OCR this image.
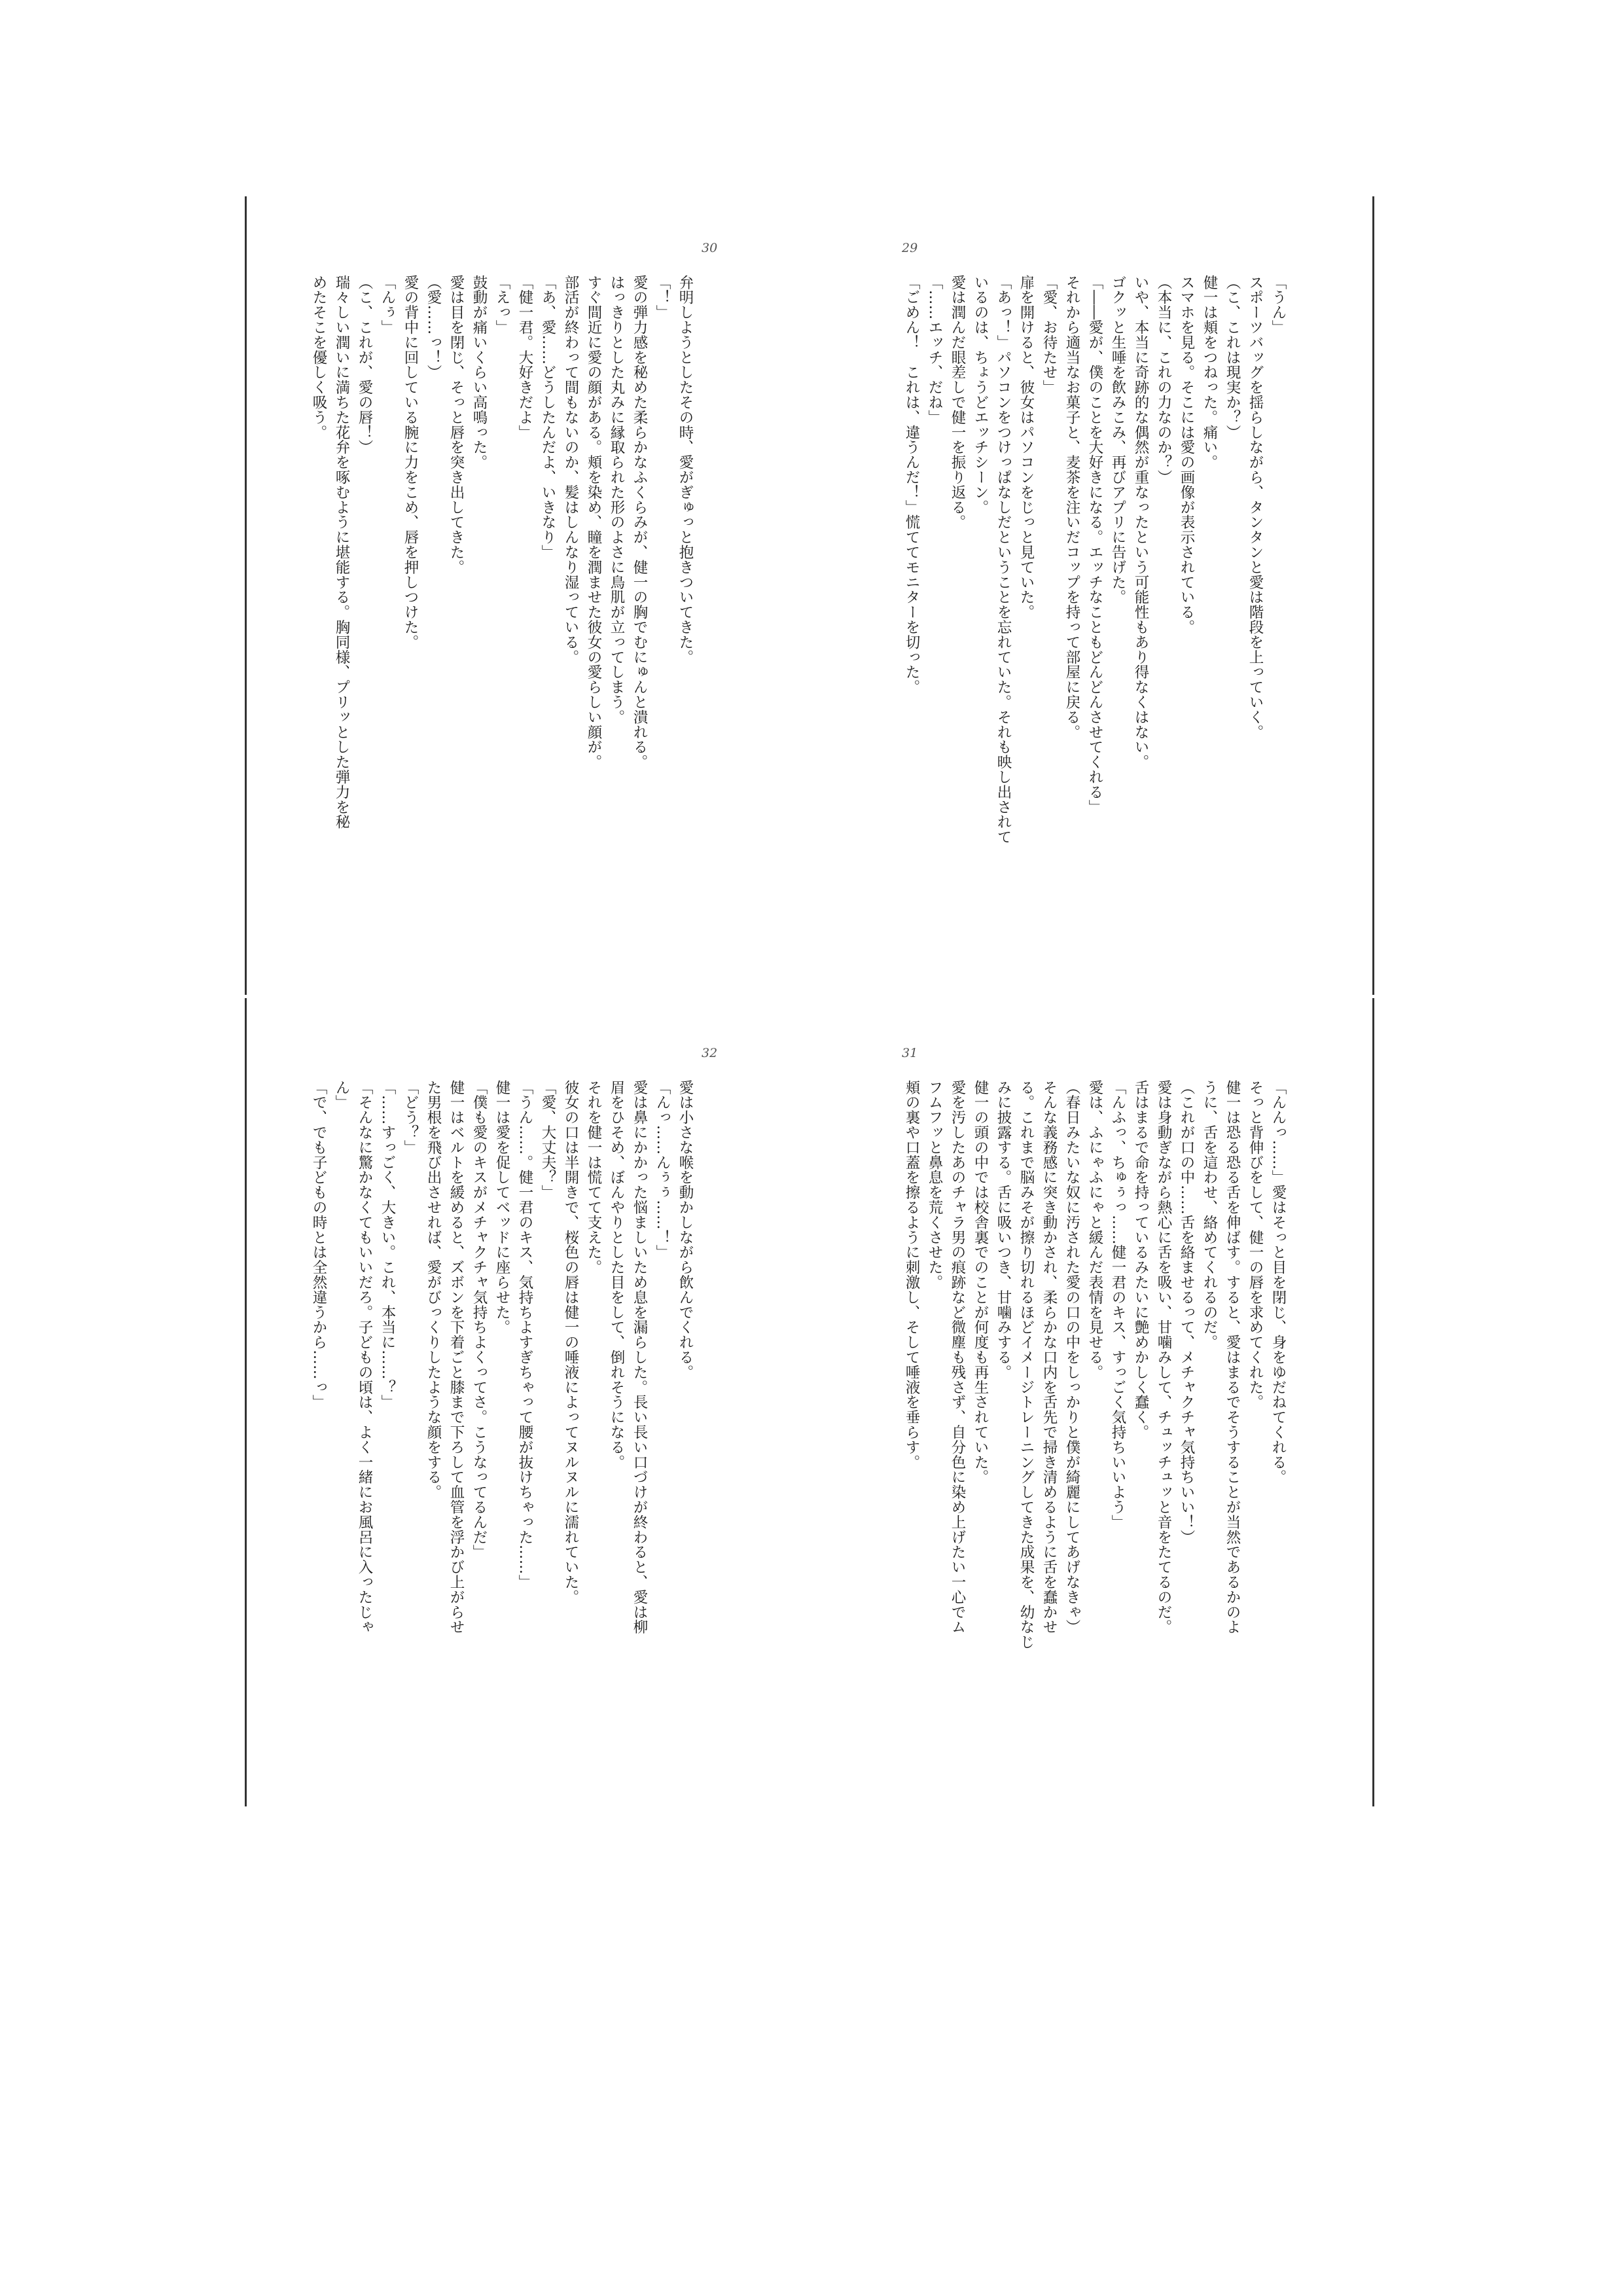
29
「うん」
スポーツバッグを揺らしながら、タンタンと愛は階段を上っていく。
（こ、これは現実か？）
健一は頬をつねった。痛い。
スマホを見る。そこには愛の画像が表示されている。
（本当に、これの力なのか？）
いや、本当に奇跡的な偶然が重なったという可能性もあり得なくはない。
ゴクッと生唾を飲みこみ、再びアプリに告げた。
「――愛が、僕のことを大好きになる。エッチなこともどんどんさせてくれる」
それから適当なお菓子と、麦茶を注いだコップを持って部屋に戻る。
「愛、お待たせ」
扉を開けると、彼女はパソコンをじっと見ていた。
「あっ！」パソコンをつけっぱなしだということを忘れていた。それも映し出されて
いるのは、ちょうどエッチシーン。
愛は潤んだ眼差しで健一を振り返る。
「……エッチ、だね」
「ごめん！　これは、違うんだ！」慌ててモニターを切った。
30
弁明しようとしたその時、愛がぎゅっと抱きついてきた。
「！」
愛の弾力感を秘めた柔らかなふくらみが、健一の胸でむにゅんと潰れる。
はっきりとした丸みに縁取られた形のよさに鳥肌が立ってしまう。
すぐ間近に愛の顔がある。頬を染め、瞳を潤ませた彼女の愛らしい顔が。
部活が終わって間もないのか、髪はしんなり湿っている。
「あ、愛……どうしたんだよ、いきなり」
「健一君。大好きだよ」
「えっ」
鼓動が痛いくらい高鳴った。
愛は目を閉じ、そっと唇を突き出してきた。
（愛……っ！）
愛の背中に回している腕に力をこめ、唇を押しつけた。
「んぅ」
（こ、これが、愛の唇！）
瑞々しい潤いに満ちた花弁を啄むように堪能する。胸同様、プリッとした弾力を秘
めたそこを優しく吸う。
31
「んんっ……」愛はそっと目を閉じ、身をゆだねてくれる。
そっと背伸びをして、健一の唇を求めてくれた。
健一は恐る恐る舌を伸ばす。すると、愛はまるでそうすることが当然であるかのよ
うに、舌を這わせ、絡めてくれるのだ。
（これが口の中……舌を絡ませるって、メチャクチャ気持ちいい！）
愛は身動ぎながら熱心に舌を吸い、甘噛みして、チュッチュッと音をたてるのだ。
舌はまるで命を持っているみたいに艶めかしく蠢く。
「んふっ、ちゅぅっ……健一君のキス、すっごく気持ちいいよう」
愛は、ふにゃふにゃと緩んだ表情を見せる。
（春日みたいな奴に汚された愛の口の中をしっかりと僕が綺麗にしてあげなきゃ）
そんな義務感に突き動かされ、柔らかな口内を舌先で掃き清めるように舌を蠢かせ
る。これまで脳みそが擦り切れるほどイメージトレーニングしてきた成果を、幼なじ
みに披露する。舌に吸いつき、甘噛みする。
健一の頭の中では校舎裏でのことが何度も再生されていた。
愛を汚したあのチャラ男の痕跡など微塵も残さず、自分色に染め上げたい一心でム
フムフッと鼻息を荒くさせた。
頬の裏や口蓋を擦るように刺激し、そして唾液を垂らす。
32
愛は小さな喉を動かしながら飲んでくれる。
「んっ……んぅぅ……！」
愛は鼻にかかった悩ましいため息を漏らした。長い長い口づけが終わると、愛は柳
眉をひそめ、ぼんやりとした目をして、倒れそうになる。
それを健一は慌てて支えた。
彼女の口は半開きで、桜色の唇は健一の唾液によってヌルヌルに濡れていた。
「愛、大丈夫？」
「うん……。健一君のキス、気持ちよすぎちゃって腰が抜けちゃった……」
健一は愛を促してベッドに座らせた。
「僕も愛のキスがメチャクチャ気持ちよくってさ。こうなってるんだ」
健一はベルトを緩めると、ズボンを下着ごと膝まで下ろして血管を浮かび上がらせ
た男根を飛び出させれば、愛がびっくりしたような顔をする。
「どう？」
「……すっごく、大きい。これ、本当に……？」
「そんなに驚かなくてもいいだろ。子どもの頃は、よく一緒にお風呂に入ったじゃ
ん」
「で、でも子どもの時とは全然違うから……っ」
